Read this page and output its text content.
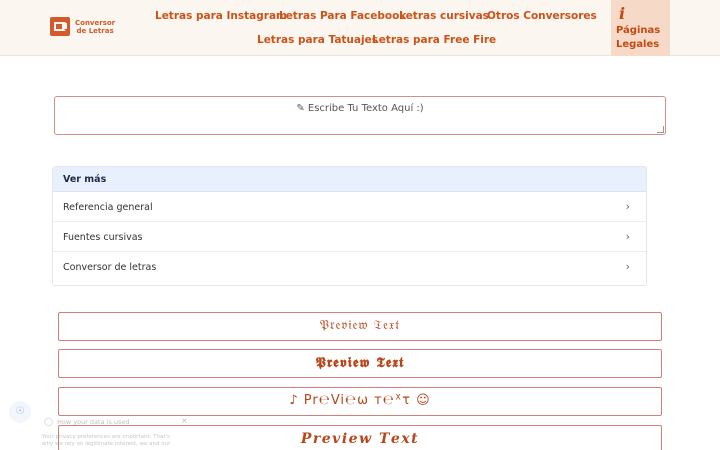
Conversor
de Letras
Letras para Instagram
Letras Para Facebook
Letras cursivas
Otros Conversores
Letras para Tatuajes
Letras para Free Fire
i
Páginas
Legales
✎ Escribe Tu Texto Aquí :)
Ver más
Referencia general	›
Fuentes cursivas	›
Conversor de letras	›
𝔓𝔯𝔢𝔳𝔦𝔢𝔴 𝔗𝔢𝔵𝔱
𝕻𝖗𝖊𝖛𝖎𝖊𝖜 𝕿𝖊𝖝𝖙
♪ Pr℮Vi℮ω т℮ᕽτ ☺
𝑷𝒓𝒆𝒗𝒊𝒆𝒘 𝑻𝒆𝒙𝒕
☉
◯ How your data is used	×
Your privacy preferences are important. That's why we rely on legitimate interest, we and our
